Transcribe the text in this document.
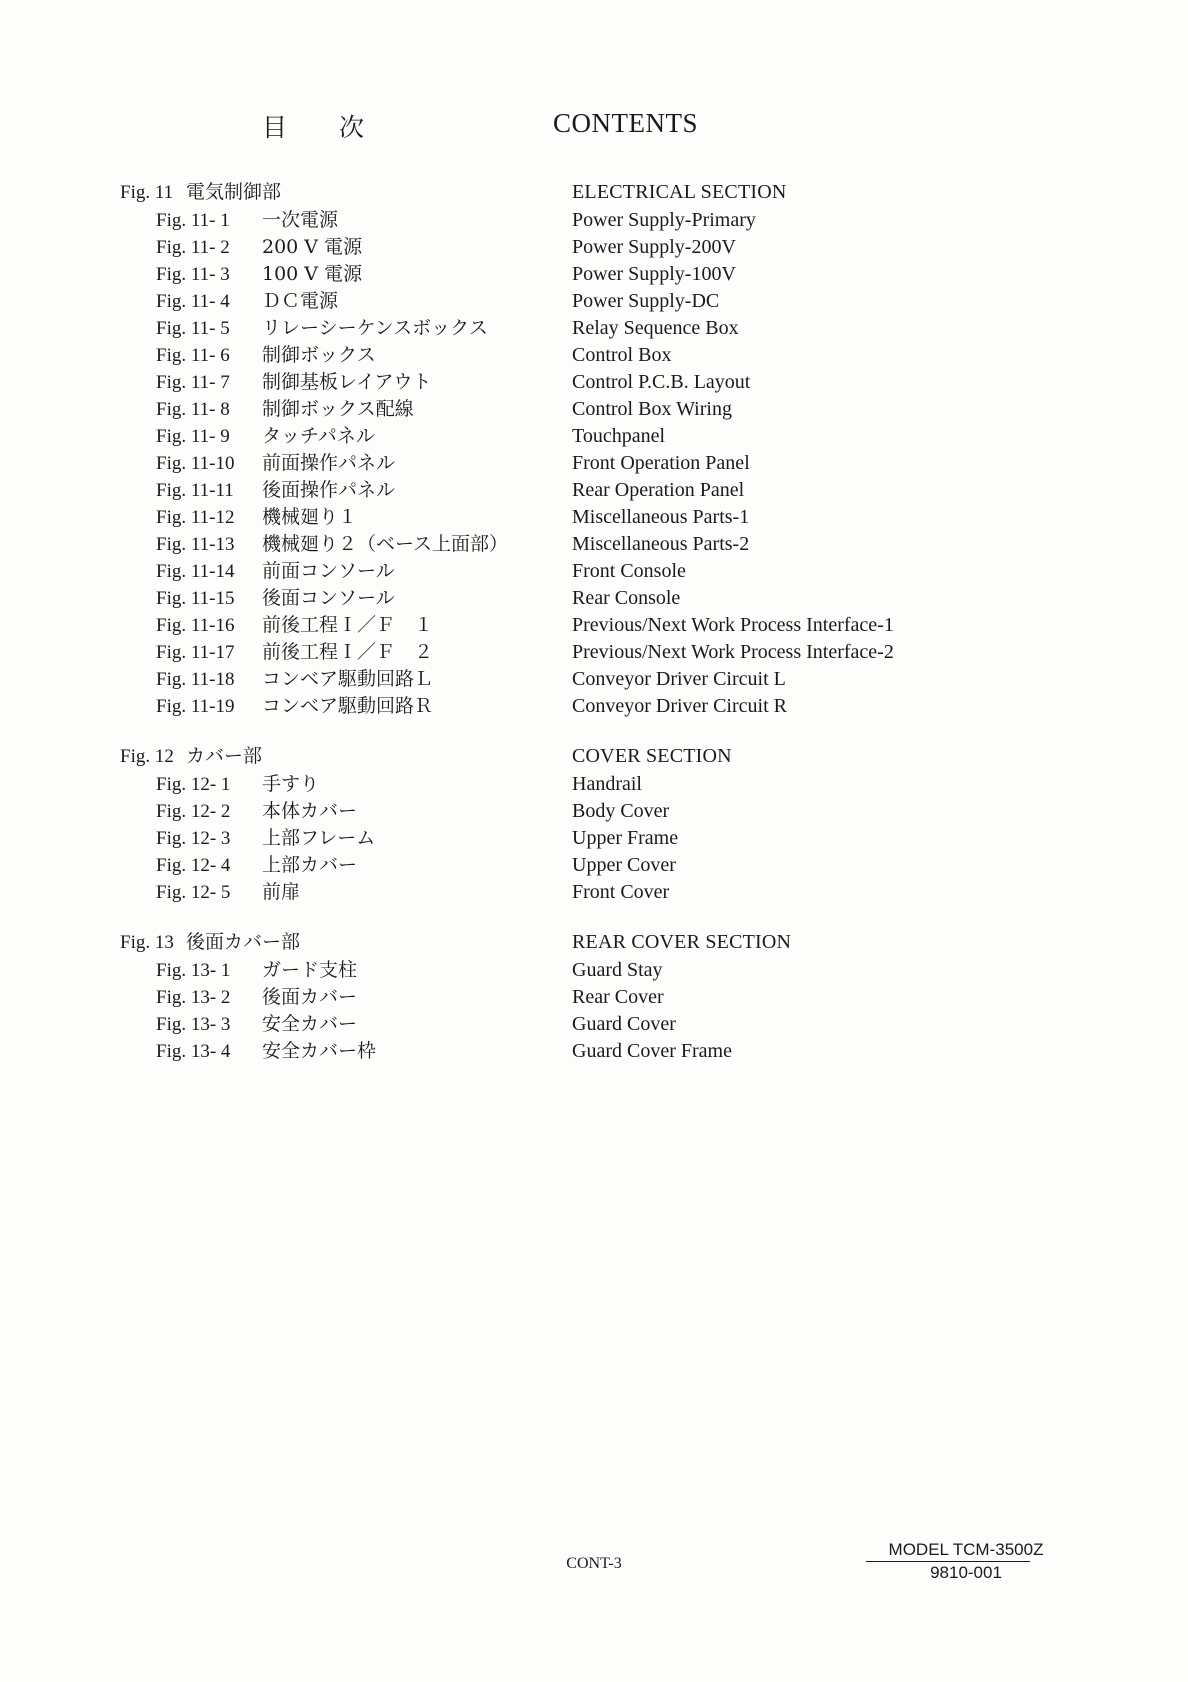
目 次	CONTENTS
Fig. 11 電気制御部	ELECTRICAL SECTION
Fig. 11- 1 一次電源	Power Supply-Primary
Fig. 11- 2 200 V 電源	Power Supply-200V
Fig. 11- 3 100 V 電源	Power Supply-100V
Fig. 11- 4 ＤＣ電源	Power Supply-DC
Fig. 11- 5 リレーシーケンスボックス	Relay Sequence Box
Fig. 11- 6 制御ボックス	Control Box
Fig. 11- 7 制御基板レイアウト	Control P.C.B. Layout
Fig. 11- 8 制御ボックス配線	Control Box Wiring
Fig. 11- 9 タッチパネル	Touchpanel
Fig. 11-10 前面操作パネル	Front Operation Panel
Fig. 11-11 後面操作パネル	Rear Operation Panel
Fig. 11-12 機械廻り１	Miscellaneous Parts-1
Fig. 11-13 機械廻り２（ベース上面部）	Miscellaneous Parts-2
Fig. 11-14 前面コンソール	Front Console
Fig. 11-15 後面コンソール	Rear Console
Fig. 11-16 前後工程Ｉ／Ｆ　１	Previous/Next Work Process Interface-1
Fig. 11-17 前後工程Ｉ／Ｆ　２	Previous/Next Work Process Interface-2
Fig. 11-18 コンベア駆動回路Ｌ	Conveyor Driver Circuit L
Fig. 11-19 コンベア駆動回路Ｒ	Conveyor Driver Circuit R
Fig. 12 カバー部	COVER SECTION
Fig. 12- 1 手すり	Handrail
Fig. 12- 2 本体カバー	Body Cover
Fig. 12- 3 上部フレーム	Upper Frame
Fig. 12- 4 上部カバー	Upper Cover
Fig. 12- 5 前扉	Front Cover
Fig. 13 後面カバー部	REAR COVER SECTION
Fig. 13- 1 ガード支柱	Guard Stay
Fig. 13- 2 後面カバー	Rear Cover
Fig. 13- 3 安全カバー	Guard Cover
Fig. 13- 4 安全カバー枠	Guard Cover Frame
CONT-3
MODEL TCM-3500Z
9810-001
